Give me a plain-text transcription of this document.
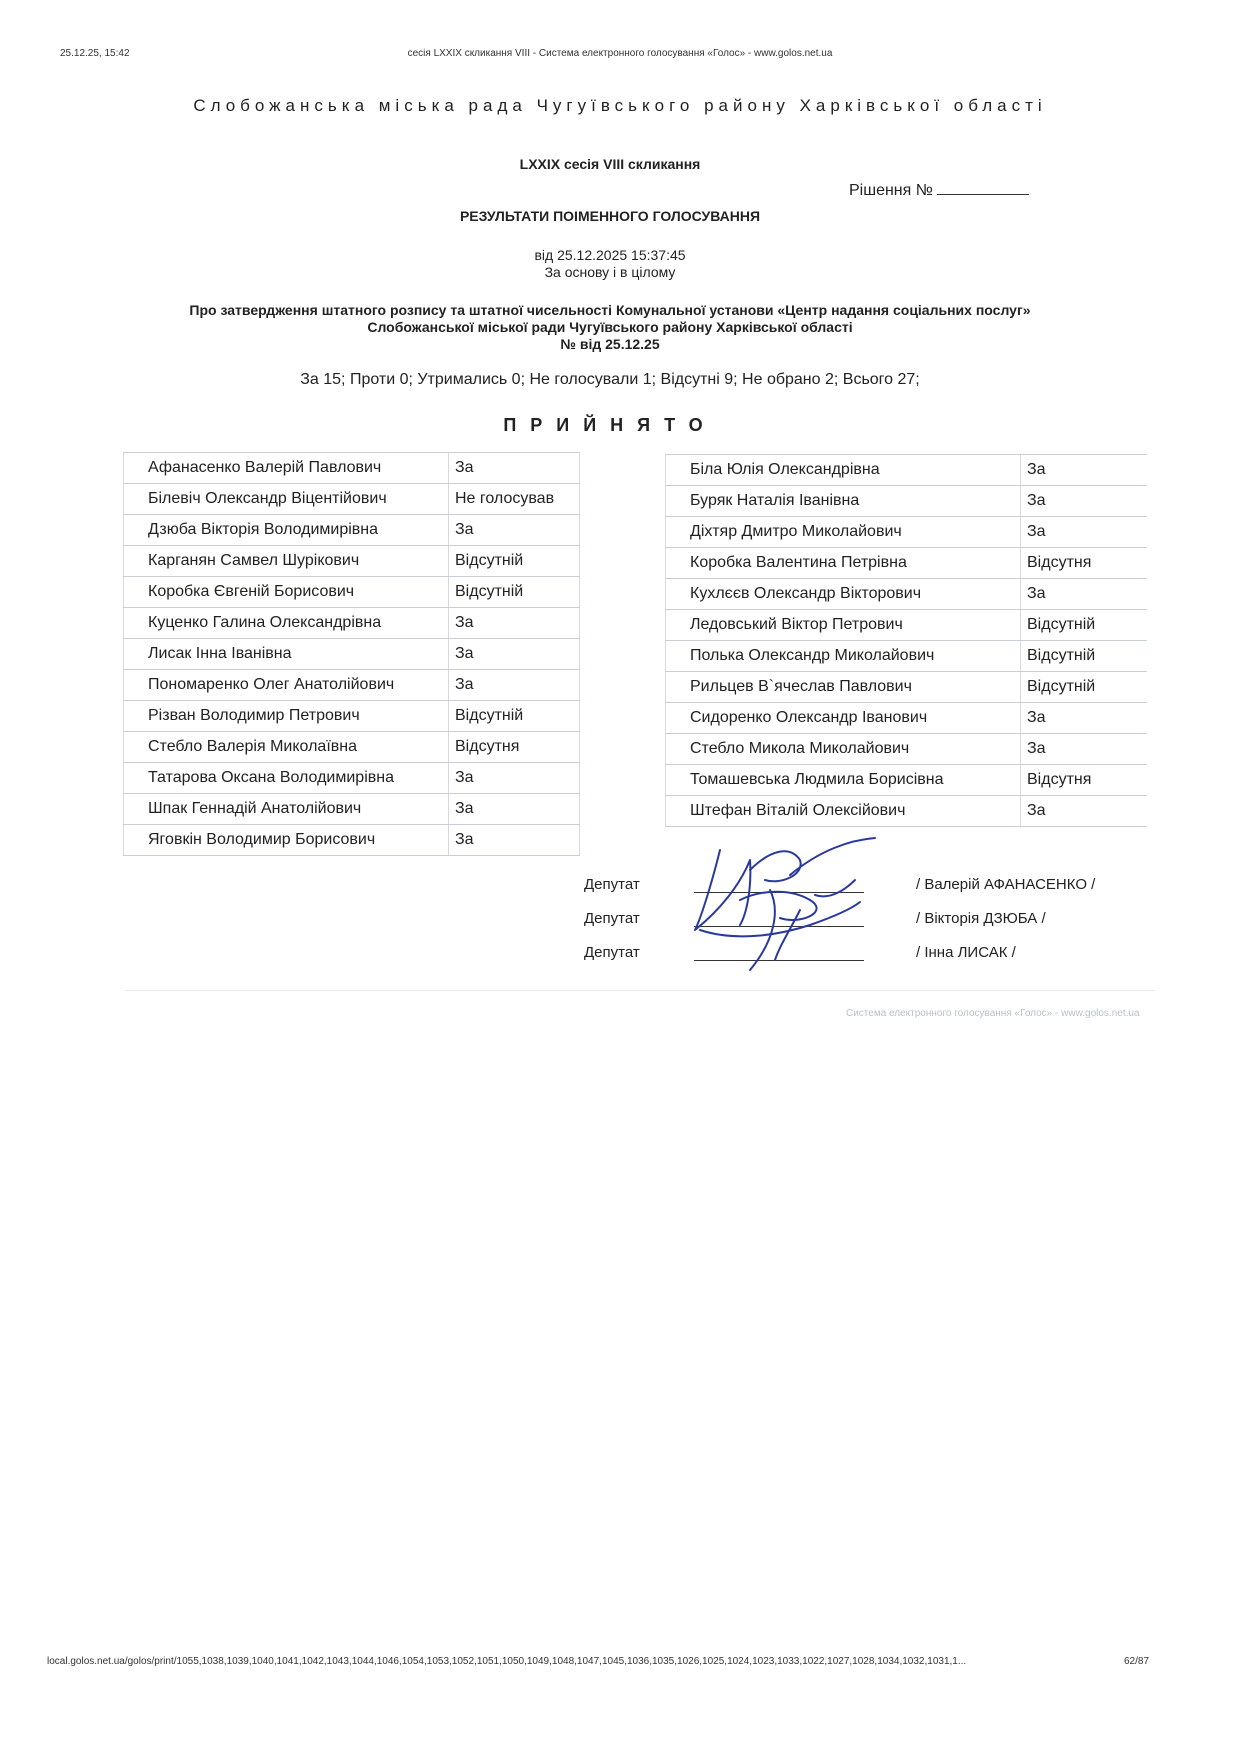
25.12.25, 15:42	сесія LXXIX скликання VIII - Система електронного голосування «Голос» - www.golos.net.ua
Слобожанська міська рада Чугуївського району Харківської області
LXXIX сесія VIII скликання
Рішення №
РЕЗУЛЬТАТИ ПОІМЕННОГО ГОЛОСУВАННЯ
від 25.12.2025 15:37:45
За основу і в цілому
Про затвердження штатного розпису та штатної чисельності Комунальної установи «Центр надання соціальних послуг»
Слобожанської міської ради Чугуївського району Харківської області
№ від 25.12.25
За 15; Проти 0; Утримались 0; Не голосували 1; Відсутні 9; Не обрано 2; Всього 27;
ПРИЙНЯТО
Афанасенко Валерій Павлович	За
Білевіч Олександр Віцентійович	Не голосував
Дзюба Вікторія Володимирівна	За
Карганян Самвел Шурікович	Відсутній
Коробка Євгеній Борисович	Відсутній
Куценко Галина Олександрівна	За
Лисак Інна Іванівна	За
Пономаренко Олег Анатолійович	За
Різван Володимир Петрович	Відсутній
Стебло Валерія Миколаївна	Відсутня
Татарова Оксана Володимирівна	За
Шпак Геннадій Анатолійович	За
Яговкін Володимир Борисович	За
Біла Юлія Олександрівна	За
Буряк Наталія Іванівна	За
Діхтяр Дмитро Миколайович	За
Коробка Валентина Петрівна	Відсутня
Кухлєєв Олександр Вікторович	За
Ледовський Віктор Петрович	Відсутній
Полька Олександр Миколайович	Відсутній
Рильцев В`ячеслав Павлович	Відсутній
Сидоренко Олександр Іванович	За
Стебло Микола Миколайович	За
Томашевська Людмила Борисівна	Відсутня
Штефан Віталій Олексійович	За
Депутат	/ Валерій АФАНАСЕНКО /
Депутат	/ Вікторія ДЗЮБА /
Депутат	/ Інна ЛИСАК /
Система електронного голосування «Голос» - www.golos.net.ua
local.golos.net.ua/golos/print/1055,1038,1039,1040,1041,1042,1043,1044,1046,1054,1053,1052,1051,1050,1049,1048,1047,1045,1036,1035,1026,1025,1024,1023,1033,1022,1027,1028,1034,1032,1031,1...	62/87
